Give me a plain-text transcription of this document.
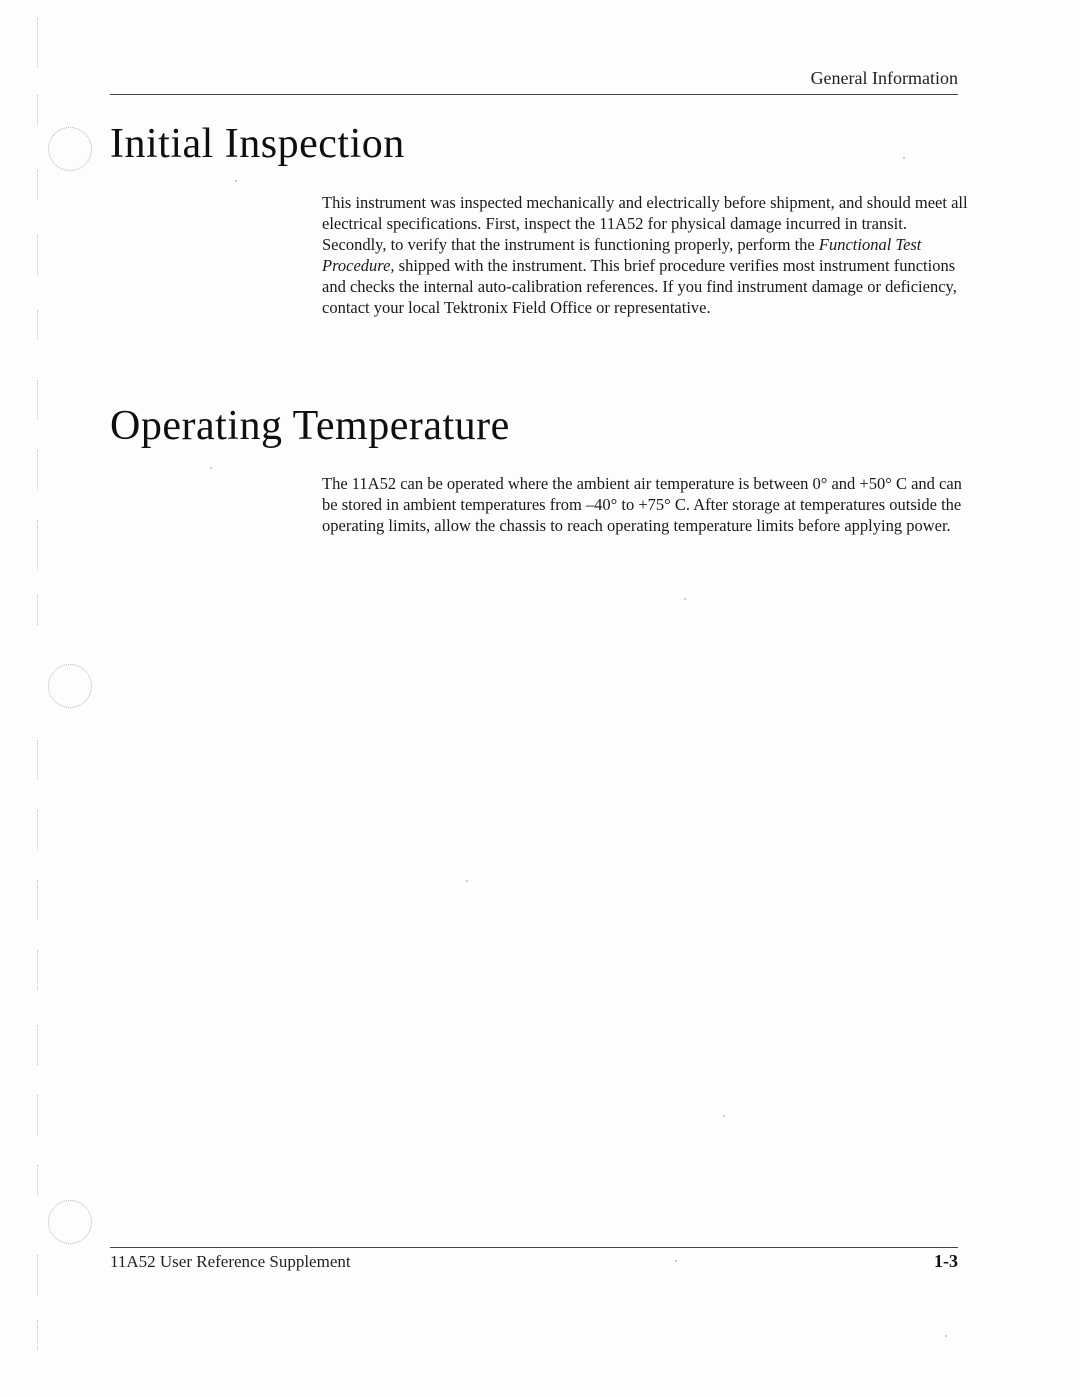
General Information
Initial Inspection

This instrument was inspected mechanically and electrically before shipment, and should meet all electrical specifications. First, inspect the 11A52 for physical damage incurred in transit. Secondly, to verify that the instrument is functioning properly, perform the Functional Test Procedure, shipped with the instrument. This brief procedure verifies most instrument functions and checks the internal auto-calibration references. If you find instrument damage or deficiency, contact your local Tektronix Field Office or representative.

Operating Temperature

The 11A52 can be operated where the ambient air temperature is between 0° and +50° C and can be stored in ambient temperatures from –40° to +75° C. After storage at temperatures outside the operating limits, allow the chassis to reach operating temperature limits before applying power.

11A52 User Reference Supplement	1-3
